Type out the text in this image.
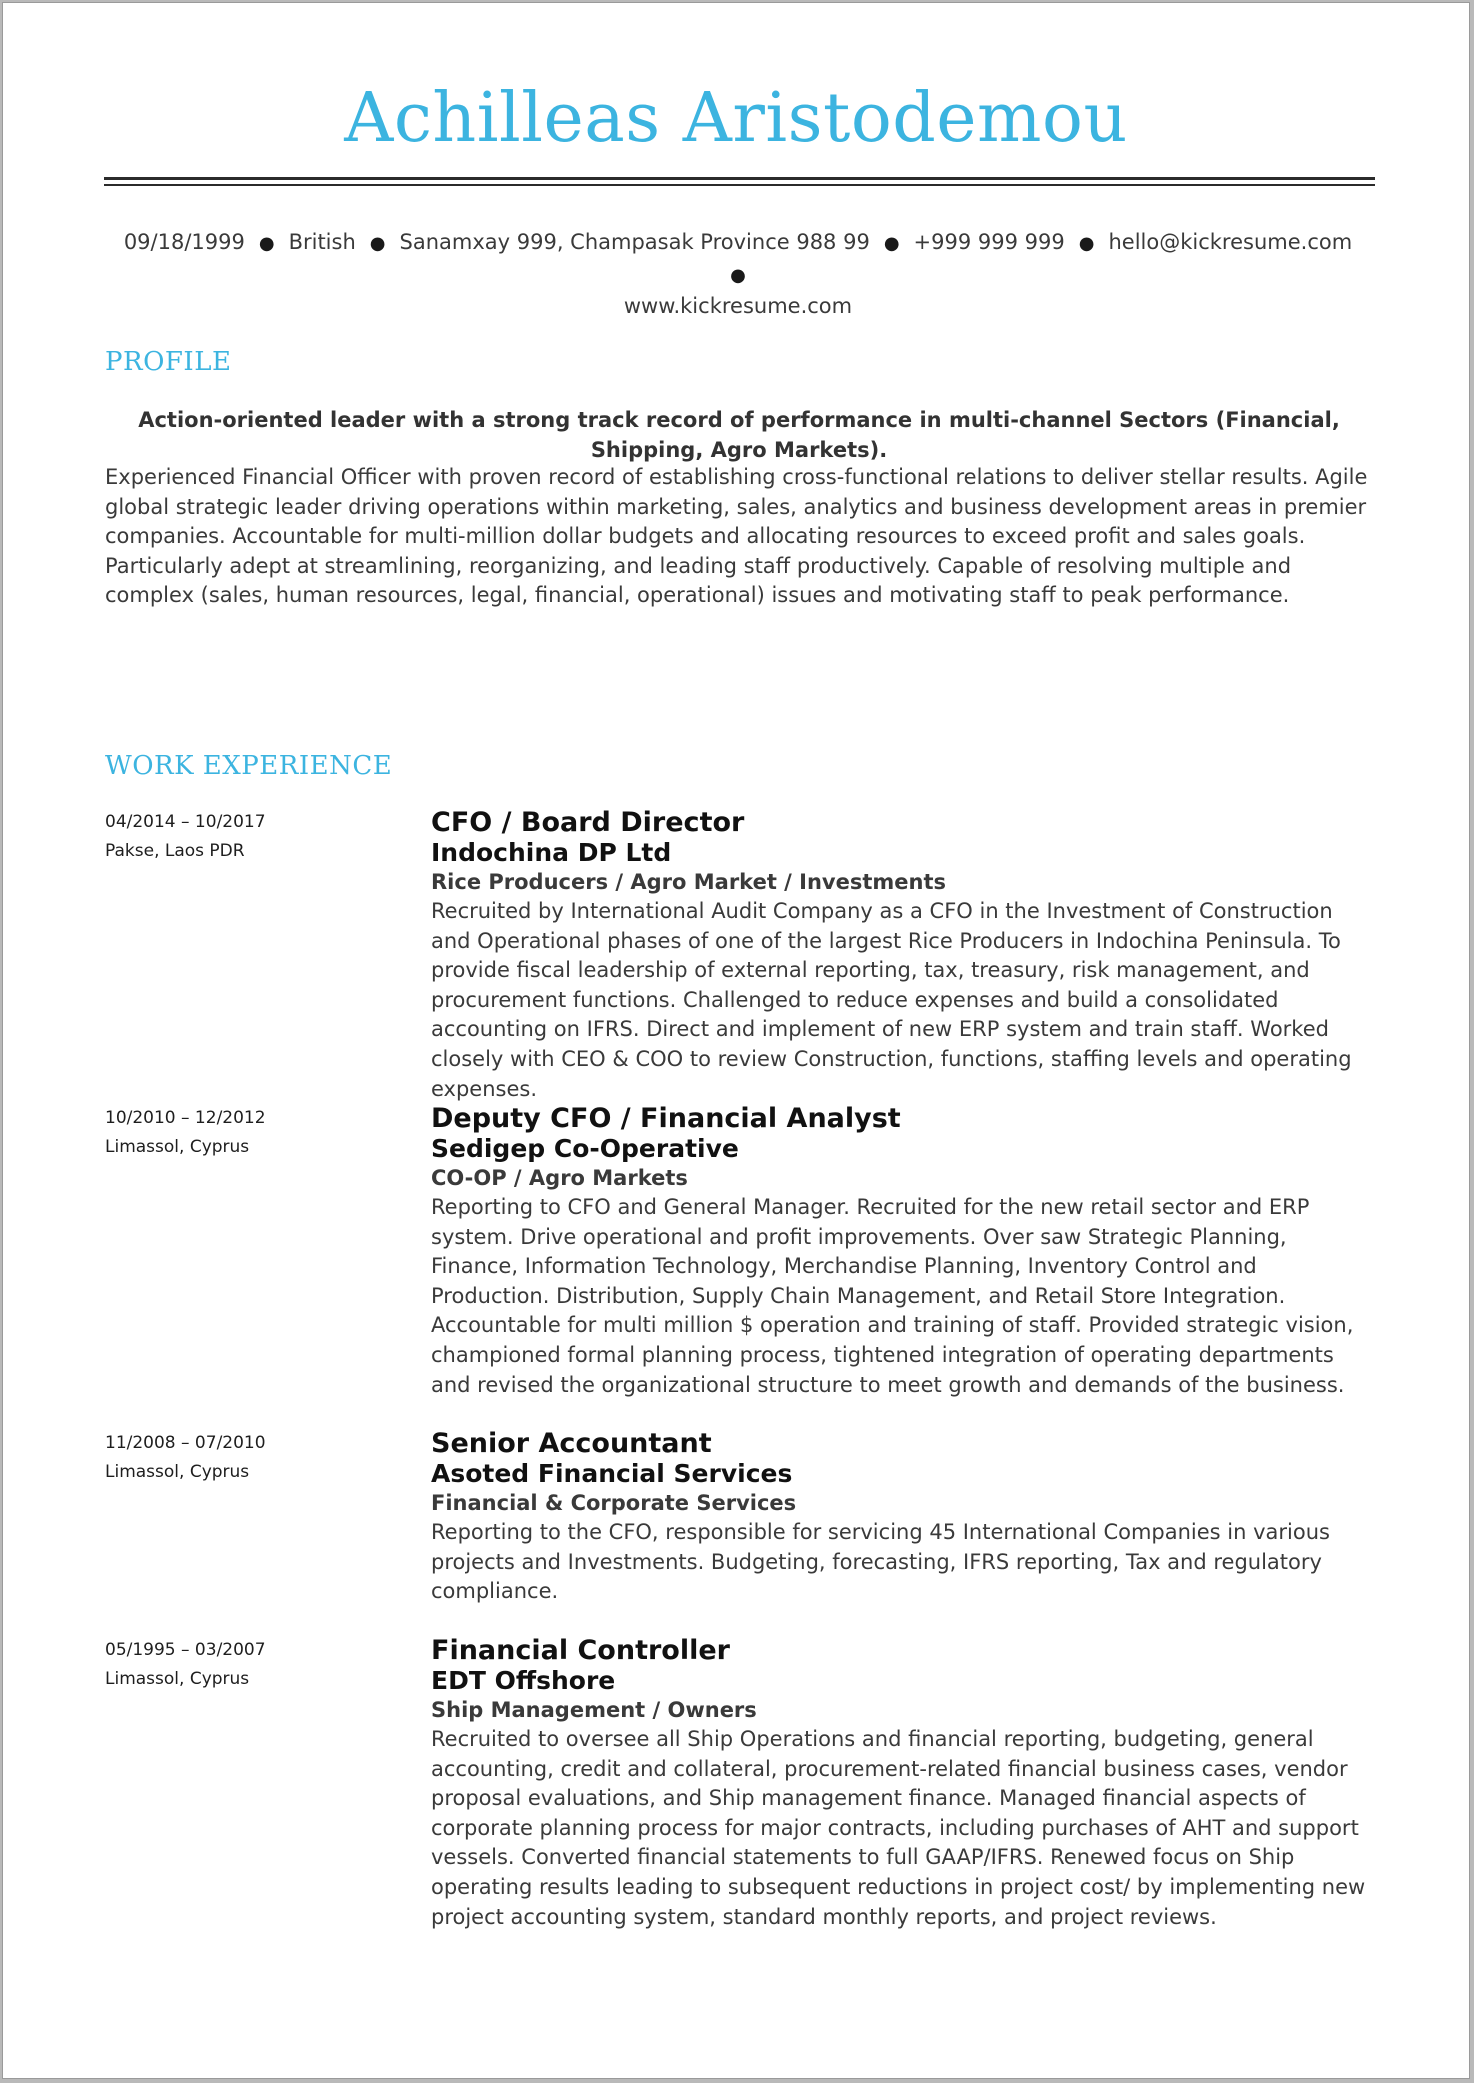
Achilleas Aristodemou
09/18/1999 ● British ● Sanamxay 999, Champasak Province 988 99 ● +999 999 999 ● hello@kickresume.com●
www.kickresume.com
PROFILE
Action-oriented leader with a strong track record of performance in multi-channel Sectors (Financial, Shipping, Agro Markets).
Experienced Financial Officer with proven record of establishing cross-functional relations to deliver stellar results. Agile global strategic leader driving operations within marketing, sales, analytics and business development areas in premier companies. Accountable for multi-million dollar budgets and allocating resources to exceed profit and sales goals. Particularly adept at streamlining, reorganizing, and leading staff productively. Capable of resolving multiple and complex (sales, human resources, legal, financial, operational) issues and motivating staff to peak performance.
WORK EXPERIENCE
04/2014 – 10/2017
Pakse, Laos PDR
CFO / Board Director
Indochina DP Ltd
Rice Producers / Agro Market / Investments
Recruited by International Audit Company as a CFO in the Investment of Construction and Operational phases of one of the largest Rice Producers in Indochina Peninsula. To provide fiscal leadership of external reporting, tax, treasury, risk management, and procurement functions. Challenged to reduce expenses and build a consolidated accounting on IFRS. Direct and implement of new ERP system and train staff. Worked closely with CEO & COO to review Construction, functions, staffing levels and operating expenses.
10/2010 – 12/2012
Limassol, Cyprus
Deputy CFO / Financial Analyst
Sedigep Co-Operative
CO-OP / Agro Markets
Reporting to CFO and General Manager. Recruited for the new retail sector and ERP system. Drive operational and profit improvements. Over saw Strategic Planning, Finance, Information Technology, Merchandise Planning, Inventory Control and Production. Distribution, Supply Chain Management, and Retail Store Integration. Accountable for multi million $ operation and training of staff. Provided strategic vision, championed formal planning process, tightened integration of operating departments and revised the organizational structure to meet growth and demands of the business.
11/2008 – 07/2010
Limassol, Cyprus
Senior Accountant
Asoted Financial Services
Financial & Corporate Services
Reporting to the CFO, responsible for servicing 45 International Companies in various projects and Investments. Budgeting, forecasting, IFRS reporting, Tax and regulatory compliance.
05/1995 – 03/2007
Limassol, Cyprus
Financial Controller
EDT Offshore
Ship Management / Owners
Recruited to oversee all Ship Operations and financial reporting, budgeting, general accounting, credit and collateral, procurement-related financial business cases, vendor proposal evaluations, and Ship management finance. Managed financial aspects of corporate planning process for major contracts, including purchases of AHT and support vessels. Converted financial statements to full GAAP/IFRS. Renewed focus on Ship operating results leading to subsequent reductions in project cost/ by implementing new project accounting system, standard monthly reports, and project reviews.
